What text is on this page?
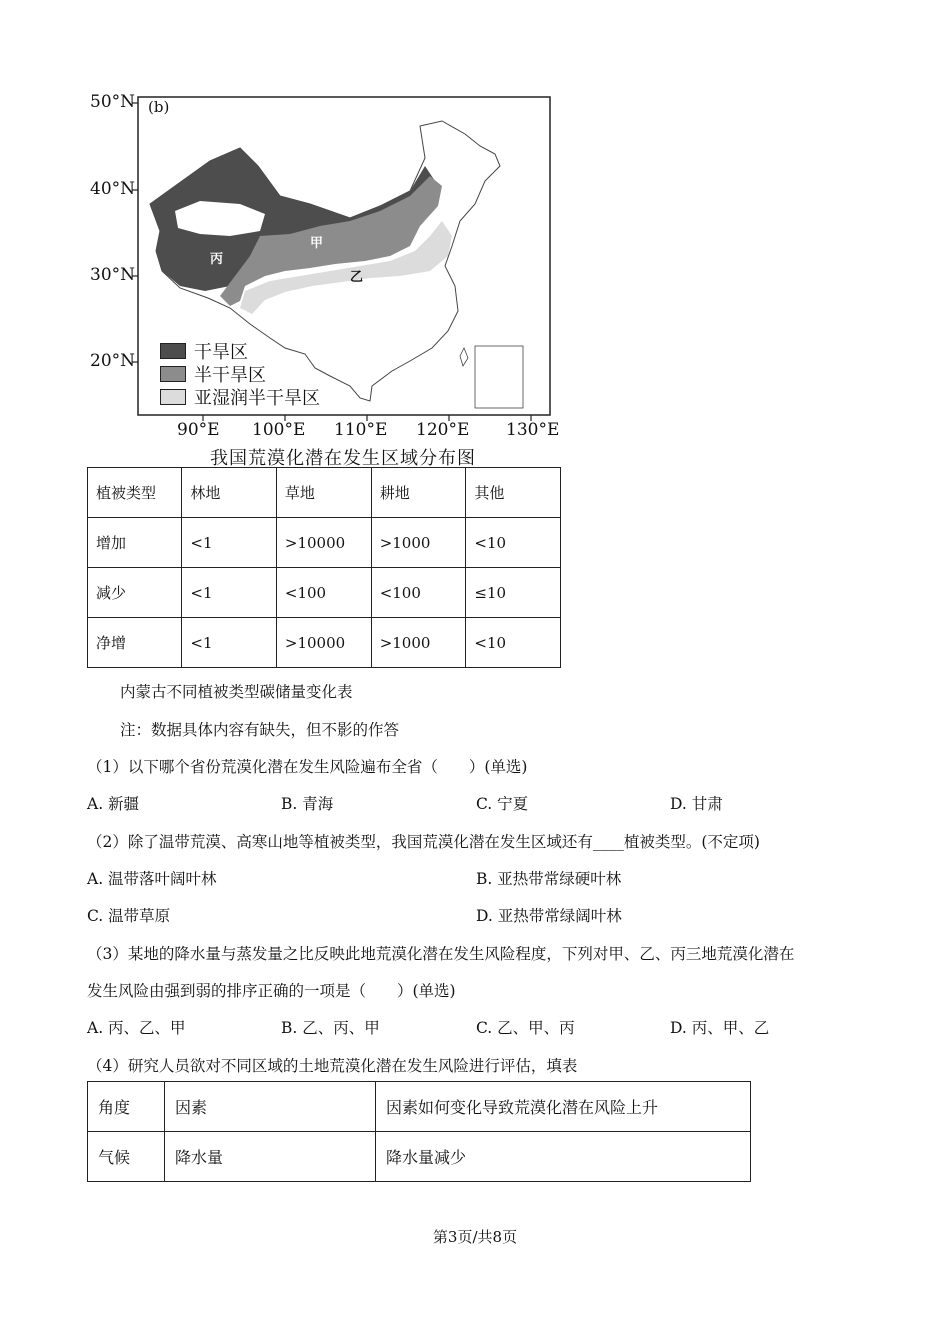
(b)
50°N
40°N
30°N
20°N
90°E 100°E 110°E 120°E 130°E
甲
乙
丙
干旱区
半干旱区
亚湿润半干旱区
我国荒漠化潜在发生区域分布图
植被类型	林地	草地	耕地	其他
增加	<1	>10000	>1000	<10
减少	<1	<100	<100	≤10
净增	<1	>10000	>1000	<10
内蒙古不同植被类型碳储量变化表
注：数据具体内容有缺失，但不影的作答
（1）以下哪个省份荒漠化潜在发生风险遍布全省（　　）(单选)
A. 新疆	B. 青海	C. 宁夏	D. 甘肃
（2）除了温带荒漠、高寒山地等植被类型，我国荒漠化潜在发生区域还有____植被类型。(不定项)
A. 温带落叶阔叶林	B. 亚热带常绿硬叶林
C. 温带草原	D. 亚热带常绿阔叶林
（3）某地的降水量与蒸发量之比反映此地荒漠化潜在发生风险程度，下列对甲、乙、丙三地荒漠化潜在
发生风险由强到弱的排序正确的一项是（　　）(单选)
A. 丙、乙、甲	B. 乙、丙、甲	C. 乙、甲、丙	D. 丙、甲、乙
（4）研究人员欲对不同区域的土地荒漠化潜在发生风险进行评估，填表
角度	因素	因素如何变化导致荒漠化潜在风险上升
气候	降水量	降水量减少
第3页/共8页
